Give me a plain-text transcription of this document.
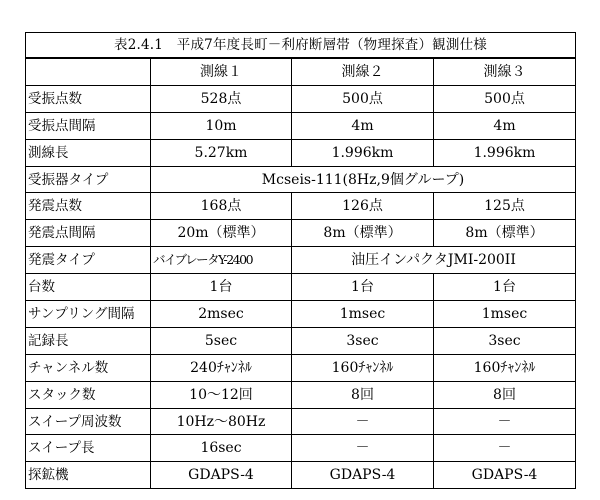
表2.4.1　平成7年度長町－利府断層帯（物理探査）観測仕様			
	測線１	測線２	測線３
受振点数	528点	500点	500点
受振点間隔	10m	4m	4m
測線長	5.27km	1.996km	1.996km
受振器タイプ	Mcseis-111(8Hz,9個グループ)		
発震点数	168点	126点	125点
発震点間隔	20m（標準）	8m（標準）	8m（標準）
発震タイプ	バイブレータY-2400	油圧インパクタJMI-200II	
台数	1台	1台	1台
サンプリング間隔	2msec	1msec	1msec
記録長	5sec	3sec	3sec
チャンネル数	240ﾁｬﾝﾈﾙ	160ﾁｬﾝﾈﾙ	160ﾁｬﾝﾈﾙ
スタック数	10～12回	8回	8回
スイープ周波数	10Hz～80Hz	－	－
スイープ長	16sec	－	－
探鉱機	GDAPS-4	GDAPS-4	GDAPS-4
